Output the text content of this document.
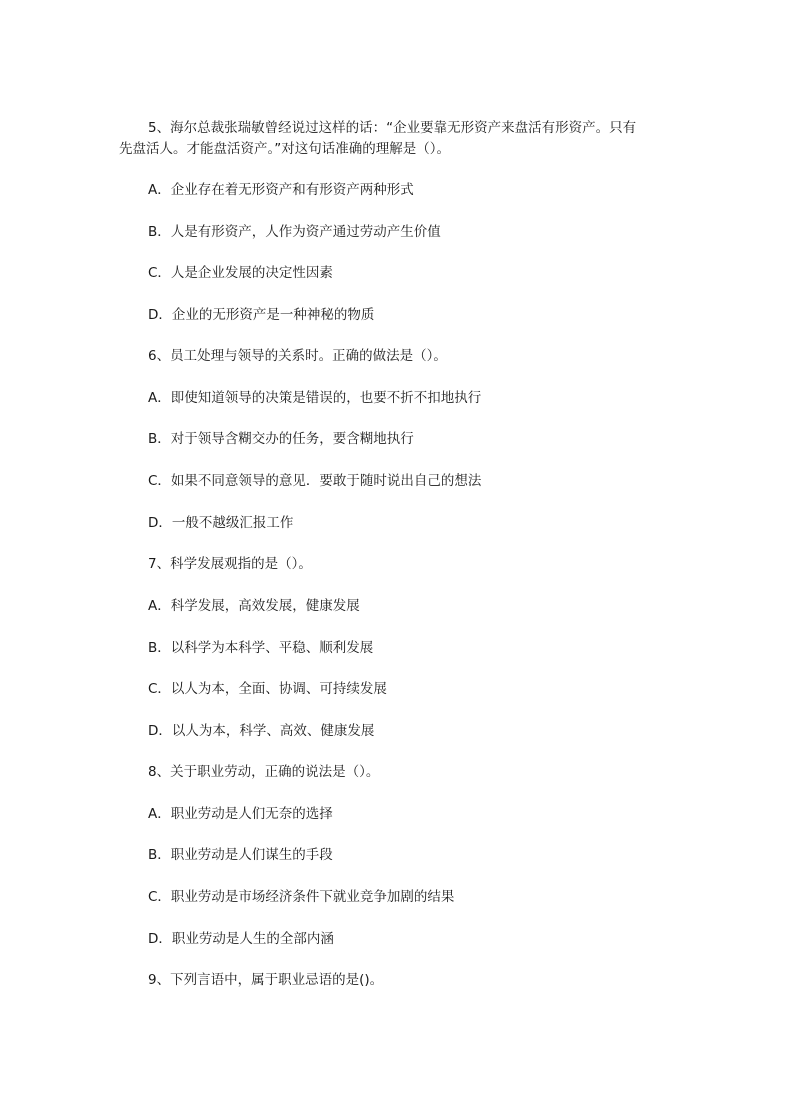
5、海尔总裁张瑞敏曾经说过这样的话：“企业要靠无形资产来盘活有形资产。只有
先盘活人。才能盘活资产。”对这句话准确的理解是（）。
A．企业存在着无形资产和有形资产两种形式
B．人是有形资产，人作为资产通过劳动产生价值
C．人是企业发展的决定性因素
D．企业的无形资产是一种神秘的物质
6、员工处理与领导的关系时。正确的做法是（）。
A．即使知道领导的决策是错误的，也要不折不扣地执行
B．对于领导含糊交办的任务，要含糊地执行
C．如果不同意领导的意见．要敢于随时说出自己的想法
D．一般不越级汇报工作
7、科学发展观指的是（）。
A．科学发展，高效发展，健康发展
B．以科学为本科学、平稳、顺利发展
C．以人为本，全面、协调、可持续发展
D．以人为本，科学、高效、健康发展
8、关于职业劳动，正确的说法是（）。
A．职业劳动是人们无奈的选择
B．职业劳动是人们谋生的手段
C．职业劳动是市场经济条件下就业竞争加剧的结果
D．职业劳动是人生的全部内涵
9、下列言语中，属于职业忌语的是()。
